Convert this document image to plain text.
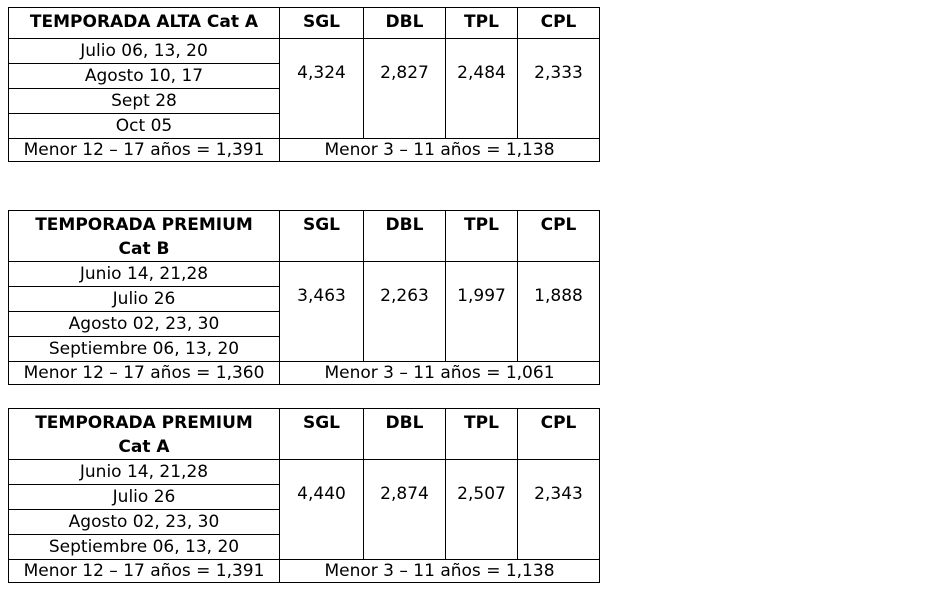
TEMPORADA ALTA Cat A	SGL	DBL	TPL	CPL
Julio 06, 13, 20	4,324	2,827	2,484	2,333
Agosto 10, 17				
Sept 28				
Oct 05				
Menor 12 – 17 años = 1,391	Menor 3 – 11 años = 1,138			
TEMPORADA PREMIUM
Cat B	SGL	DBL	TPL	CPL
Junio 14, 21,28	3,463	2,263	1,997	1,888
Julio 26				
Agosto 02, 23, 30				
Septiembre 06, 13, 20				
Menor 12 – 17 años = 1,360	Menor 3 – 11 años = 1,061			
TEMPORADA PREMIUM
Cat A	SGL	DBL	TPL	CPL
Junio 14, 21,28	4,440	2,874	2,507	2,343
Julio 26				
Agosto 02, 23, 30				
Septiembre 06, 13, 20				
Menor 12 – 17 años = 1,391	Menor 3 – 11 años = 1,138			
